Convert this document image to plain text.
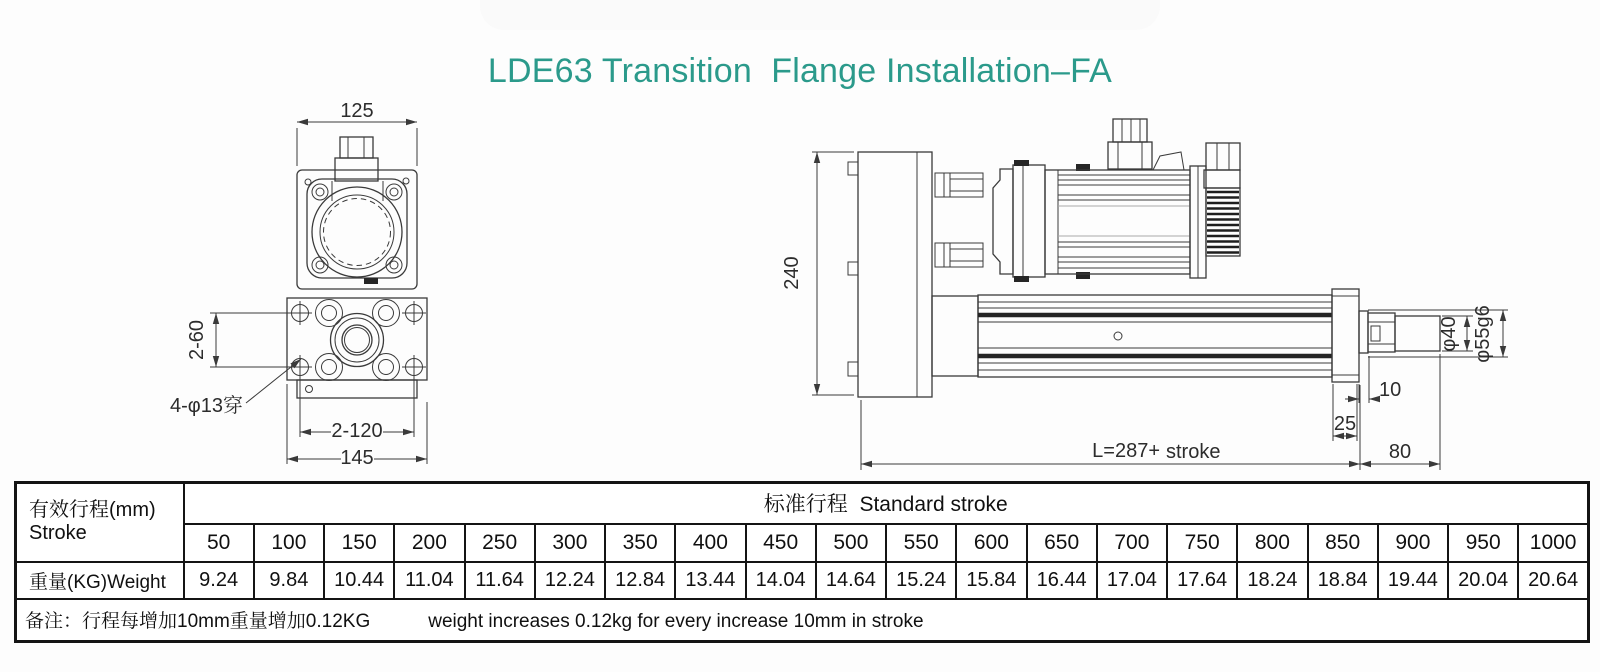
LDE63 Transition  Flange Installation–FA
125
2-60
4-φ13穿
2-120
145
240
φ40 φ55g6
10
25
L=287+ stroke	80
有效行程(mm)
Stroke	标准行程  Standard stroke																			
	50	100	150	200	250	300	350	400	450	500	550	600	650	700	750	800	850	900	950	1000
重量(KG)Weight	9.24	9.84	10.44	11.04	11.64	12.24	12.84	13.44	14.04	14.64	15.24	15.84	16.44	17.04	17.64	18.24	18.84	19.44	20.04	20.64
备注：行程每增加10mm重量增加0.12KG weight increases 0.12kg for every increase 10mm in stroke																				
